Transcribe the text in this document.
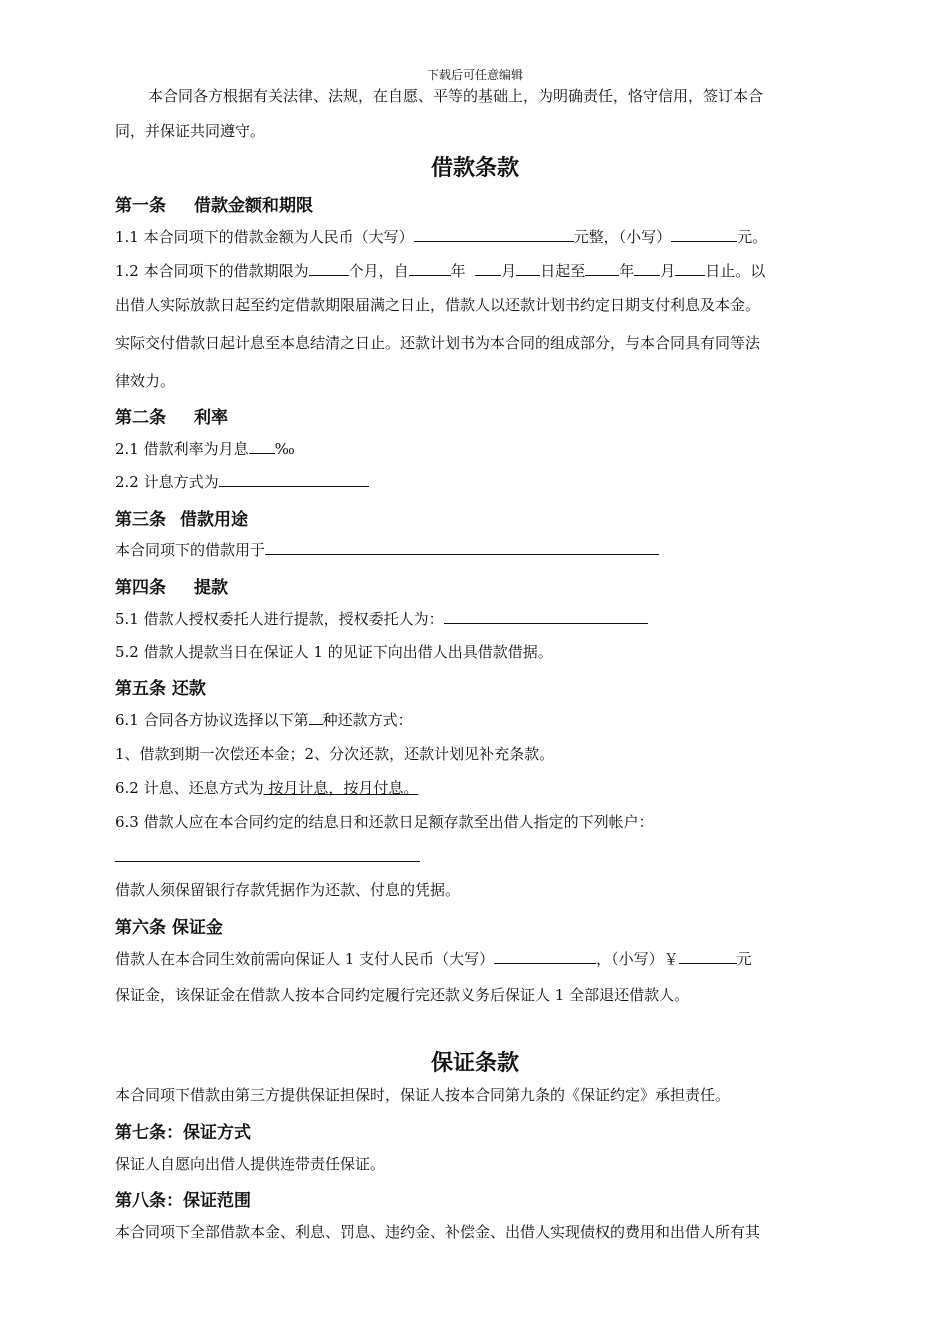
下载后可任意编辑
本合同各方根据有关法律、法规，在自愿、平等的基础上，为明确责任，恪守信用，签订本合
同，并保证共同遵守。
借款条款
第一条 借款金额和期限
1.1 本合同项下的借款金额为人民币（大写）	元整，（小写）	元。
1.2 本合同项下的借款期限为	个月，自	年 月 日起至 年 月 日止。以
出借人实际放款日起至约定借款期限届满之日止，借款人以还款计划书约定日期支付利息及本金。
实际交付借款日起计息至本息结清之日止。还款计划书为本合同的组成部分，与本合同具有同等法
律效力。
第二条 利率
2.1 借款利率为月息 ‰
2.2 计息方式为
第三条 借款用途
本合同项下的借款用于
第四条 提款
5.1 借款人授权委托人进行提款，授权委托人为：
5.2 借款人提款当日在保证人 1 的见证下向出借人出具借款借据。
第五条 还款
6.1 合同各方协议选择以下第 种还款方式：
1、借款到期一次偿还本金；2、分次还款，还款计划见补充条款。
6.2 计息、还息方式为 按月计息，按月付息。
6.3 借款人应在本合同约定的结息日和还款日足额存款至出借人指定的下列帐户：
借款人须保留银行存款凭据作为还款、付息的凭据。
第六条 保证金
借款人在本合同生效前需向保证人 1 支付人民币（大写）	，（小写）￥	元
保证金，该保证金在借款人按本合同约定履行完还款义务后保证人 1 全部退还借款人。
保证条款
本合同项下借款由第三方提供保证担保时，保证人按本合同第九条的《保证约定》承担责任。
第七条：保证方式
保证人自愿向出借人提供连带责任保证。
第八条：保证范围
本合同项下全部借款本金、利息、罚息、违约金、补偿金、出借人实现债权的费用和出借人所有其
